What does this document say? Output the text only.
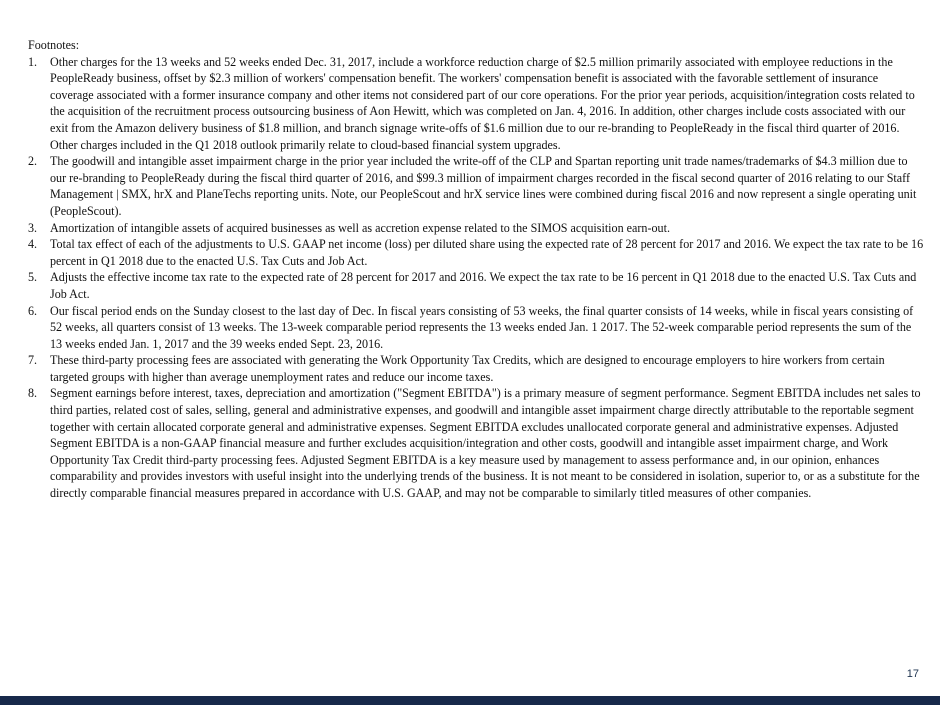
Footnotes:

1.	Other charges for the 13 weeks and 52 weeks ended Dec. 31, 2017, include a workforce reduction charge of $2.5 million primarily associated with employee reductions in the PeopleReady business, offset by $2.3 million of workers' compensation benefit. The workers' compensation benefit is associated with the favorable settlement of insurance coverage associated with a former insurance company and other items not considered part of our core operations. For the prior year periods, acquisition/integration costs related to the acquisition of the recruitment process outsourcing business of Aon Hewitt, which was completed on Jan. 4, 2016. In addition, other charges include costs associated with our exit from the Amazon delivery business of $1.8 million, and branch signage write-offs of $1.6 million due to our re-branding to PeopleReady in the fiscal third quarter of 2016. Other charges included in the Q1 2018 outlook primarily relate to cloud-based financial system upgrades.
2.	The goodwill and intangible asset impairment charge in the prior year included the write-off of the CLP and Spartan reporting unit trade names/trademarks of $4.3 million due to our re-branding to PeopleReady during the fiscal third quarter of 2016, and $99.3 million of impairment charges recorded in the fiscal second quarter of 2016 relating to our Staff Management | SMX, hrX and PlaneTechs reporting units. Note, our PeopleScout and hrX service lines were combined during fiscal 2016 and now represent a single operating unit (PeopleScout).
3.	Amortization of intangible assets of acquired businesses as well as accretion expense related to the SIMOS acquisition earn-out.
4.	Total tax effect of each of the adjustments to U.S. GAAP net income (loss) per diluted share using the expected rate of 28 percent for 2017 and 2016. We expect the tax rate to be 16 percent in Q1 2018 due to the enacted U.S. Tax Cuts and Job Act.
5.	Adjusts the effective income tax rate to the expected rate of 28 percent for 2017 and 2016. We expect the tax rate to be 16 percent in Q1 2018 due to the enacted U.S. Tax Cuts and Job Act.
6.	Our fiscal period ends on the Sunday closest to the last day of Dec. In fiscal years consisting of 53 weeks, the final quarter consists of 14 weeks, while in fiscal years consisting of 52 weeks, all quarters consist of 13 weeks. The 13-week comparable period represents the 13 weeks ended Jan. 1 2017. The 52-week comparable period represents the sum of the 13 weeks ended Jan. 1, 2017 and the 39 weeks ended Sept. 23, 2016.
7.	These third-party processing fees are associated with generating the Work Opportunity Tax Credits, which are designed to encourage employers to hire workers from certain targeted groups with higher than average unemployment rates and reduce our income taxes.
8.	Segment earnings before interest, taxes, depreciation and amortization ("Segment EBITDA") is a primary measure of segment performance. Segment EBITDA includes net sales to third parties, related cost of sales, selling, general and administrative expenses, and goodwill and intangible asset impairment charge directly attributable to the reportable segment together with certain allocated corporate general and administrative expenses. Segment EBITDA excludes unallocated corporate general and administrative expenses. Adjusted Segment EBITDA is a non-GAAP financial measure and further excludes acquisition/integration and other costs, goodwill and intangible asset impairment charge, and Work Opportunity Tax Credit third-party processing fees. Adjusted Segment EBITDA is a key measure used by management to assess performance and, in our opinion, enhances comparability and provides investors with useful insight into the underlying trends of the business. It is not meant to be considered in isolation, superior to, or as a substitute for the directly comparable financial measures prepared in accordance with U.S. GAAP, and may not be comparable to similarly titled measures of other companies.
17
